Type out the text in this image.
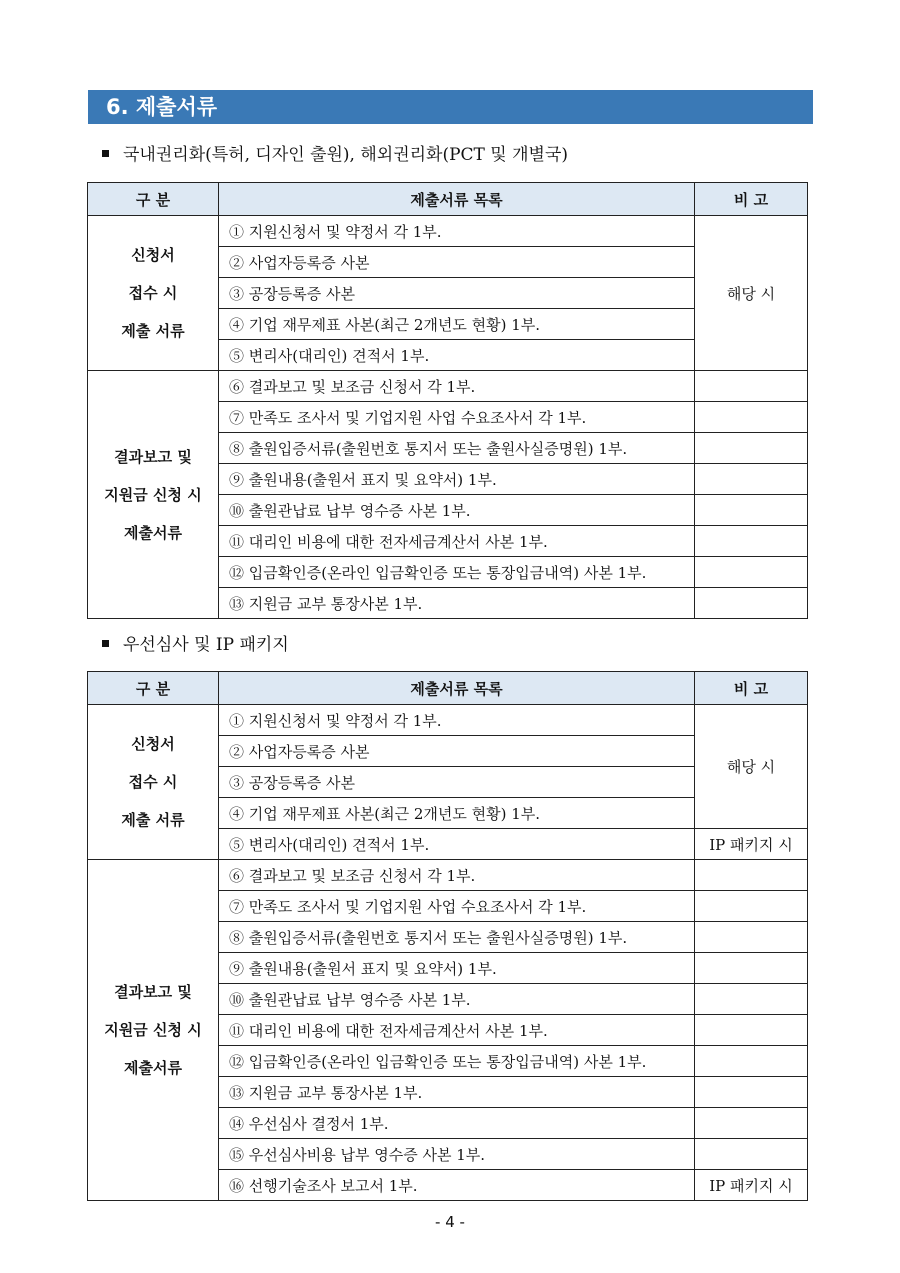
6. 제출서류
국내권리화(특허, 디자인 출원), 해외권리화(PCT 및 개별국)
구 분	제출서류 목록	비 고

신청서
접수 시
제출 서류	① 지원신청서 및 약정서 각 1부.	해당 시
	② 사업자등록증 사본	
	③ 공장등록증 사본	
	④ 기업 재무제표 사본(최근 2개년도 현황) 1부.	
	⑤ 변리사(대리인) 견적서 1부.	

결과보고 및
지원금 신청 시
제출서류	⑥ 결과보고 및 보조금 신청서 각 1부.	
	⑦ 만족도 조사서 및 기업지원 사업 수요조사서 각 1부.	
	⑧ 출원입증서류(출원번호 통지서 또는 출원사실증명원) 1부.	
	⑨ 출원내용(출원서 표지 및 요약서) 1부.	
	⑩ 출원관납료 납부 영수증 사본 1부.	
	⑪ 대리인 비용에 대한 전자세금계산서 사본 1부.	
	⑫ 입금확인증(온라인 입금확인증 또는 통장입금내역) 사본 1부.	
	⑬ 지원금 교부 통장사본 1부.	
우선심사 및 IP 패키지
구 분	제출서류 목록	비 고

신청서
접수 시
제출 서류	① 지원신청서 및 약정서 각 1부.	해당 시
	② 사업자등록증 사본	
	③ 공장등록증 사본	
	④ 기업 재무제표 사본(최근 2개년도 현황) 1부.	
	⑤ 변리사(대리인) 견적서 1부.	IP 패키지 시

결과보고 및
지원금 신청 시
제출서류	⑥ 결과보고 및 보조금 신청서 각 1부.	
	⑦ 만족도 조사서 및 기업지원 사업 수요조사서 각 1부.	
	⑧ 출원입증서류(출원번호 통지서 또는 출원사실증명원) 1부.	
	⑨ 출원내용(출원서 표지 및 요약서) 1부.	
	⑩ 출원관납료 납부 영수증 사본 1부.	
	⑪ 대리인 비용에 대한 전자세금계산서 사본 1부.	
	⑫ 입금확인증(온라인 입금확인증 또는 통장입금내역) 사본 1부.	
	⑬ 지원금 교부 통장사본 1부.	
	⑭ 우선심사 결정서 1부.	
	⑮ 우선심사비용 납부 영수증 사본 1부.	
	⑯ 선행기술조사 보고서 1부.	IP 패키지 시
- 4 -
